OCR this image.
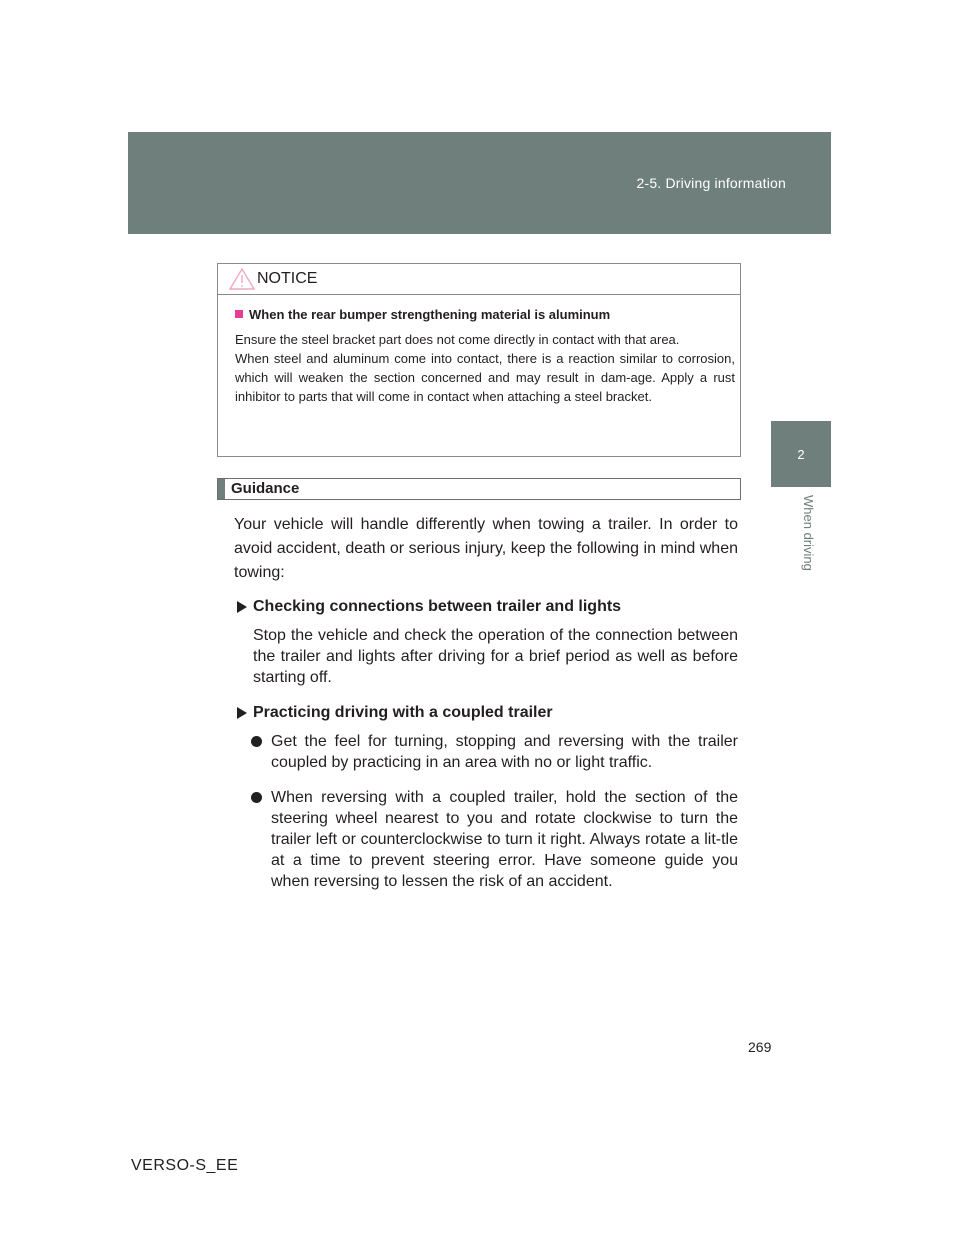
2-5. Driving information
2
When driving
NOTICE

When the rear bumper strengthening material is aluminum

Ensure the steel bracket part does not come directly in contact with that area.

When steel and aluminum come into contact, there is a reaction similar to corrosion, which will weaken the section concerned and may result in dam-age. Apply a rust inhibitor to parts that will come in contact when attaching a steel bracket.

Guidance

Your vehicle will handle differently when towing a trailer. In order to avoid accident, death or serious injury, keep the following in mind when towing:

Checking connections between trailer and lights

Stop the vehicle and check the operation of the connection between the trailer and lights after driving for a brief period as well as before starting off.

Practicing driving with a coupled trailer

Get the feel for turning, stopping and reversing with the trailer coupled by practicing in an area with no or light traffic.

When reversing with a coupled trailer, hold the section of the steering wheel nearest to you and rotate clockwise to turn the trailer left or counterclockwise to turn it right. Always rotate a lit-tle at a time to prevent steering error. Have someone guide you when reversing to lessen the risk of an accident.

269
VERSO-S_EE
